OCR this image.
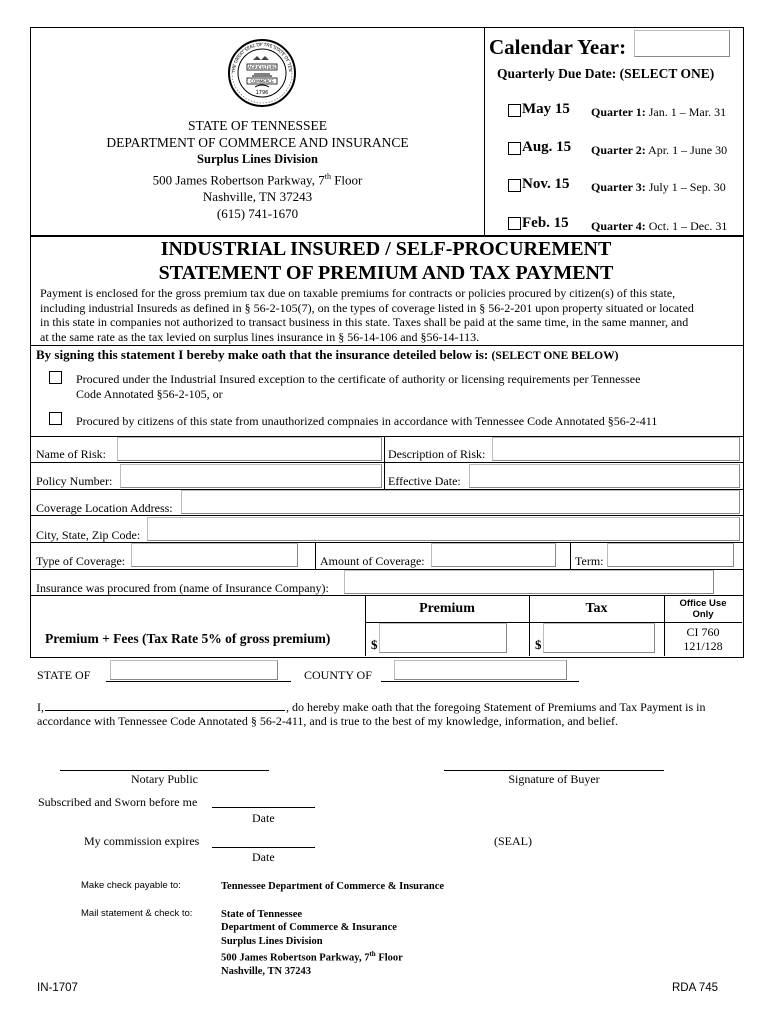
AGRICULTURE
COMMERCE
1796
THE GREAT SEAL OF THE STATE OF TEN
STATE OF TENNESSEE
DEPARTMENT OF COMMERCE AND INSURANCE
Surplus Lines Division
500 James Robertson Parkway, 7th Floor
Nashville, TN 37243
(615) 741-1670
Calendar Year:
Quarterly Due Date: (SELECT ONE)
May 15 Quarter 1: Jan. 1 – Mar. 31
Aug. 15 Quarter 2: Apr. 1 – June 30
Nov. 15 Quarter 3: July 1 – Sep. 30
Feb. 15 Quarter 4: Oct. 1 – Dec. 31
INDUSTRIAL INSURED / SELF-PROCUREMENT
STATEMENT OF PREMIUM AND TAX PAYMENT
Payment is enclosed for the gross premium tax due on taxable premiums for contracts or policies procured by citizen(s) of this state,
including industrial Insureds as defined in § 56-2-105(7), on the types of coverage listed in § 56-2-201 upon property situated or located
in this state in companies not authorized to transact business in this state. Taxes shall be paid at the same time, in the same manner, and
at the same rate as the tax levied on surplus lines insurance in § 56-14-106 and §56-14-113.
By signing this statement I bereby make oath that the insurance deteiled below is: (SELECT ONE BELOW)
Procured under the Industrial Insured exception to the certificate of authority or licensing requirements per Tennessee
Code Annotated §56-2-105, or
Procured by citizens of this state from unauthorized compnaies in accordance with Tennessee Code Annotated §56-2-411
Name of Risk:	Description of Risk:
Policy Number:	Effective Date:
Coverage Location Address:
City, State, Zip Code:
Type of Coverage:	Amount of Coverage:	Term:
Insurance was procured from (name of Insurance Company):
Premium	Tax	Office Use
Only
Premium + Fees (Tax Rate 5% of gross premium)	$	$
CI 760
121/128
STATE OF	COUNTY OF
I,	, do hereby make oath that the foregoing Statement of Premiums and Tax Payment is in
accordance with Tennessee Code Annotated § 56-2-411, and is true to the best of my knowledge, information, and belief.
Notary Public	Signature of Buyer
Subscribed and Sworn before me
Date
My commission expires
Date
(SEAL)
Make check payable to:	Tennessee Department of Commerce & Insurance
Mail statement & check to:	State of Tennessee
Department of Commerce & Insurance
Surplus Lines Division
500 James Robertson Parkway, 7th Floor
Nashville, TN 37243
IN-1707	RDA 745
